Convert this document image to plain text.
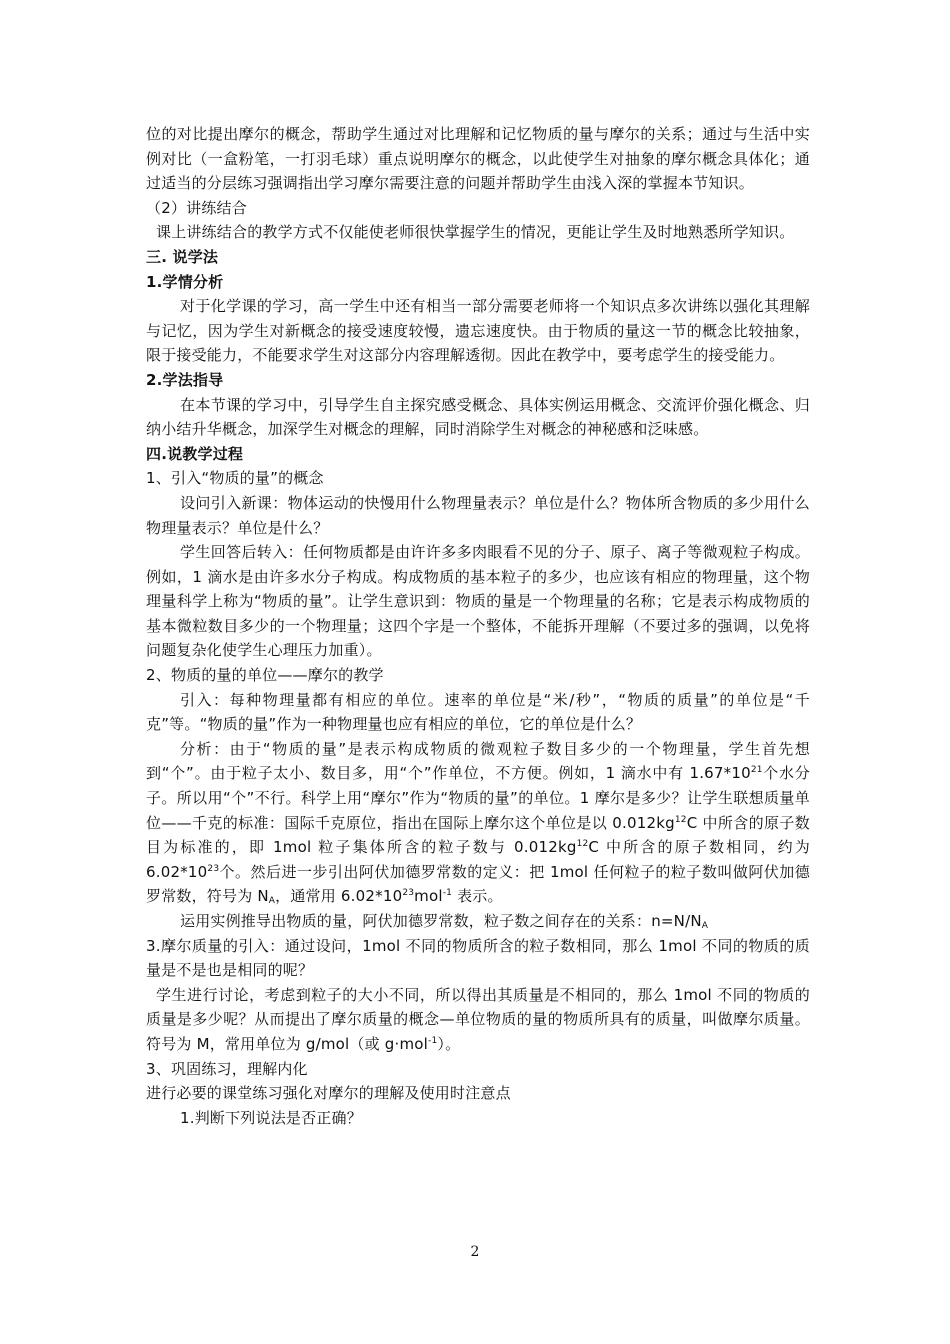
位的对比提出摩尔的概念，帮助学生通过对比理解和记忆物质的量与摩尔的关系；通过与生活中实例对比（一盒粉笔，一打羽毛球）重点说明摩尔的概念，以此使学生对抽象的摩尔概念具体化；通过适当的分层练习强调指出学习摩尔需要注意的问题并帮助学生由浅入深的掌握本节知识。

（2）讲练结合

课上讲练结合的教学方式不仅能使老师很快掌握学生的情况，更能让学生及时地熟悉所学知识。

三. 说学法

1.学情分析

对于化学课的学习，高一学生中还有相当一部分需要老师将一个知识点多次讲练以强化其理解与记忆，因为学生对新概念的接受速度较慢，遗忘速度快。由于物质的量这一节的概念比较抽象，限于接受能力，不能要求学生对这部分内容理解透彻。因此在教学中，要考虑学生的接受能力。

2.学法指导

在本节课的学习中，引导学生自主探究感受概念、具体实例运用概念、交流评价强化概念、归纳小结升华概念，加深学生对概念的理解，同时消除学生对概念的神秘感和泛味感。

四.说教学过程

1、引入“物质的量”的概念

设问引入新课：物体运动的快慢用什么物理量表示？单位是什么？物体所含物质的多少用什么物理量表示？单位是什么？

学生回答后转入：任何物质都是由许许多多肉眼看不见的分子、原子、离子等微观粒子构成。例如，1 滴水是由许多水分子构成。构成物质的基本粒子的多少，也应该有相应的物理量，这个物理量科学上称为“物质的量”。让学生意识到：物质的量是一个物理量的名称；它是表示构成物质的基本微粒数目多少的一个物理量；这四个字是一个整体，不能拆开理解（不要过多的强调，以免将问题复杂化使学生心理压力加重）。

2、物质的量的单位——摩尔的教学

引入：每种物理量都有相应的单位。速率的单位是“米/秒”，“物质的质量”的单位是“千克”等。“物质的量”作为一种物理量也应有相应的单位，它的单位是什么？

分析：由于“物质的量”是表示构成物质的微观粒子数目多少的一个物理量，学生首先想到“个”。由于粒子太小、数目多，用“个”作单位，不方便。例如，1 滴水中有 $1.67*10^{21}$个水分子。所以用“个”不行。科学上用“摩尔”作为“物质的量”的单位。1 摩尔是多少？让学生联想质量单位——千克的标准：国际千克原位，指出在国际上摩尔这个单位是以 $0.012kg^{12}C$ 中所含的原子数目为标准的，即 1mol 粒子集体所含的粒子数与 $0.012kg^{12}C$ 中所含的原子数相同，约为 $6.02*10^{23}$个。然后进一步引出阿伏加德罗常数的定义：把 1mol 任何粒子的粒子数叫做阿伏加德罗常数，符号为 $N_A$，通常用 $6.02*10^{23}mol^{-1}$ 表示。

运用实例推导出物质的量，阿伏加德罗常数，粒子数之间存在的关系：$n=N/N_A$

3.摩尔质量的引入：通过设问，1mol 不同的物质所含的粒子数相同，那么 1mol 不同的物质的质量是不是也是相同的呢？

学生进行讨论，考虑到粒子的大小不同，所以得出其质量是不相同的，那么 1mol 不同的物质的质量是多少呢？从而提出了摩尔质量的概念—单位物质的量的物质所具有的质量，叫做摩尔质量。符号为 M，常用单位为 g/mol（或 g·mol$^{-1}$）。

3、巩固练习，理解内化

进行必要的课堂练习强化对摩尔的理解及使用时注意点

1.判断下列说法是否正确？

2
